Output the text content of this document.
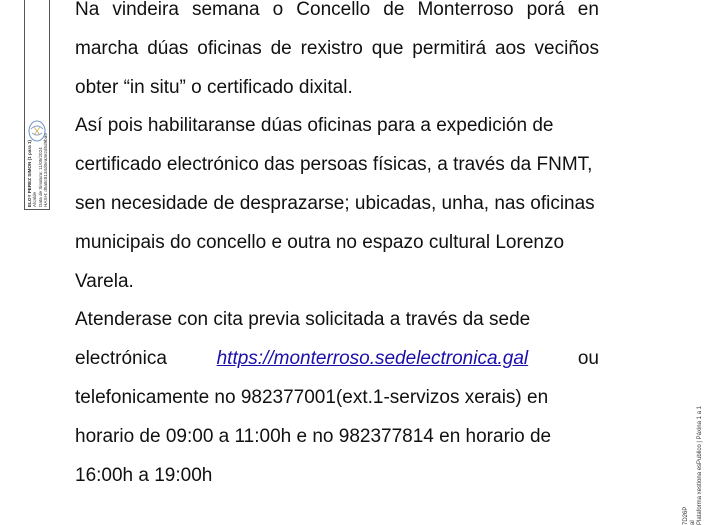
ELOY PEREZ SIMON (1 para 1) Alcalde Data de Sinatura: 11/05/2024 HASH: d5a8c8134d0ea3e2d5d9ba9
7D26P al Plataforma xestiona esPublico | Páxina 1 a 1

Na vindeira semana o Concello de Monterroso porá en
marcha dúas oficinas de rexistro que permitirá aos veciños
obter “in situ” o certificado dixital.

Así pois habilitaranse dúas oficinas para a expedición de
certificado electrónico das persoas físicas, a través da FNMT,
sen necesidade de desprazarse; ubicadas, unha, nas oficinas
municipais do concello e outra no espazo cultural Lorenzo
Varela.

Atenderase con cita previa solicitada a través da sede
electrónica	https://monterroso.sedelectronica.gal	ou
telefonicamente no 982377001(ext.1-servizos xerais) en
horario de 09:00 a 11:00h e no 982377814 en horario de
16:00h a 19:00h
